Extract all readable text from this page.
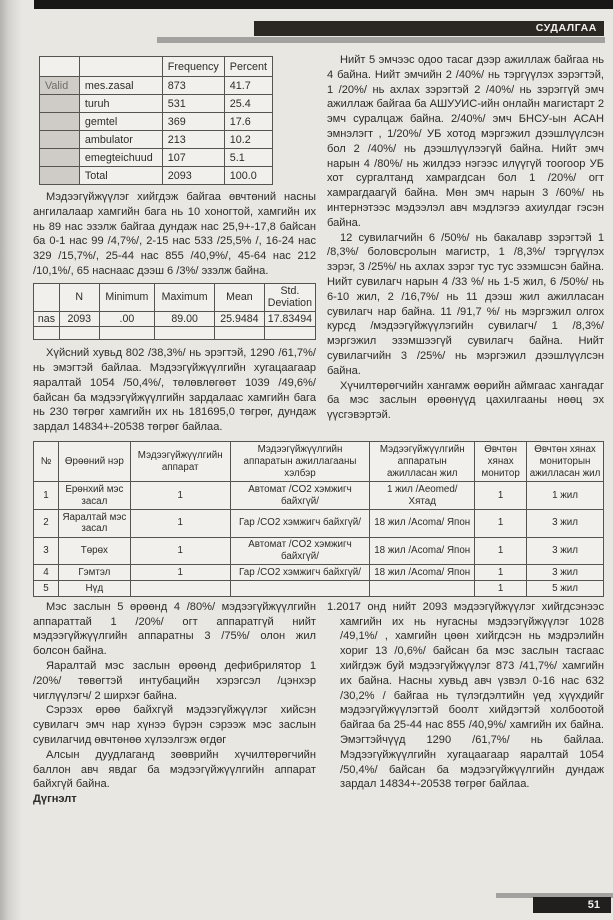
СУДАЛГАА
		Frequency	Percent
Valid	mes.zasal	873	41.7
	turuh	531	25.4
	gemtel	369	17.6
	ambulator	213	10.2
	emegteichuud	107	5.1
	Total	2093	100.0

Мэдээгүйжүүлэг хийгдэж байгаа өвчтөний насны ангилалаар хамгийн бага нь 10 хоногтой, хамгийн их нь 89 нас эзэлж байгаа дундаж нас 25,9+-17,8 байсан ба 0-1 нас 99 /4,7%/, 2-15 нас 533 /25,5% /, 16-24 нас 329 /15,7%/, 25-44 нас 855 /40,9%/, 45-64 нас 212 /10,1%/, 65 наснаас дээш 6 /3%/ эзэлж байна.

	N	Minimum	Maximum	Mean	Std. Deviation
nas	2093	.00	89.00	25.9484	17.83494

Хүйсний хувьд 802 /38,3%/ нь эрэгтэй, 1290 /61,7%/ нь эмэгтэй байлаа. Мэдээгүйжүүлгийн хугацаагаар яаралтай 1054 /50,4%/, төлөвлөгөөт 1039 /49,6%/ байсан ба мэдээгүйжүүлгийн зардалаас хамгийн бага нь 230 төгрөг хамгийн их нь 181695,0 төгрөг, дундаж зардал 14834+-20538 төгрөг байлаа.

Нийт 5 эмчээс одоо тасаг дээр ажиллаж байгаа нь 4 байна. Нийт эмчийн 2 /40%/ нь тэргүүлэх зэрэгтэй, 1 /20%/ нь ахлах зэрэгтэй 2 /40%/ нь зэрэггүй эмч ажиллаж байгаа ба АШУУИС-ийн онлайн магистарт 2 эмч суралцаж байна. 2/40%/ эмч БНСУ-ын АСАН эмнэлэгт , 1/20%/ УБ хотод мэргэжил дээшлүүлсэн бол 2 /40%/ нь дээшлүүлээгүй байна. Нийт эмч нарын 4 /80%/ нь жилдээ нэгээс илүүгүй тоогоор УБ хот сургалтанд хамрагдсан бол 1 /20%/ огт хамрагдаагүй байна. Мөн эмч нарын 3 /60%/ нь интернэтээс мэдээлэл авч мэдлэгээ ахиулдаг гэсэн байна.

12 сувилагчийн 6 /50%/ нь бакалавр зэрэгтэй 1 /8,3%/ боловсролын магистр, 1 /8,3%/ тэргүүлэх зэрэг, 3 /25%/ нь ахлах зэрэг тус тус эзэмшсэн байна. Нийт сувилагч нарын 4 /33 %/ нь 1-5 жил, 6 /50%/ нь 6-10 жил, 2 /16,7%/ нь 11 дээш жил ажилласан сувилагч нар байна. 11 /91,7 %/ нь мэргэжил олгох курсд /мэдээгүйжүүлэгийн сувилагч/ 1 /8,3%/ мэргэжил эзэмшээгүй сувилагч байна. Нийт сувилагчийн 3 /25%/ нь мэргэжил дээшлүүлсэн байна.

Хүчилтөрөгчийн хангамж өөрийн аймгаас хангадаг ба мэс заслын өрөөнүүд цахилгааны нөөц эх үүсгэвэртэй.

№	Өрөөний нэр	Мэдээгүйжүүлгийн аппарат	Мэдээгүйжүүлгийн аппаратын ажиллагааны хэлбэр	Мэдээгүйжүүлгийн аппаратын ажилласан жил	Өвчтөн хянах монитор	Өвчтөн хянах мониторын ажилласан жил
1	Ерөнхий мэс засал	1	Автомат /CO2 хэмжигч байхгүй/	1 жил /Aeomed/ Хятад	1	1 жил
2	Яаралтай мэс засал	1	Гар /CO2 хэмжигч байхгүй/	18 жил /Acoma/ Япон	1	3 жил
3	Төрөх	1	Автомат /CO2 хэмжигч байхгүй/	18 жил /Acoma/ Япон	1	3 жил
4	Гэмтэл	1	Гар /CO2 хэмжигч байхгүй/	18 жил /Acoma/ Япон	1	3 жил
5	Нүд				1	5 жил

Мэс заслын 5 өрөөнд 4 /80%/ мэдээгүйжүүлгийн аппараттай 1 /20%/ огт аппаратгүй нийт мэдээгүйжүүлгийн аппаратны 3 /75%/ олон жил болсон байна.

Яаралтай мэс заслын өрөөнд дефибрилятор 1 /20%/ төвөгтэй интубацийн хэрэгсэл /цэнхэр чиглүүлэгч/ 2 ширхэг байна.

Сэрээх өрөө байхгүй мэдээгүйжүүлэг хийсэн сувилагч эмч нар хүнээ бүрэн сэрээж мэс заслын сувилагчид өвчтөнөө хүлээлгэж өгдөг

Алсын дуудлаганд зөөврийн хүчилтөрөгчийн баллон авч явдаг ба мэдээгүйжүүлгийн аппарат байхгүй байна.

Дүгнэлт

1.2017 онд нийт 2093 мэдээгүйжүүлэг хийгдсэнээс хамгийн их нь нугасны мэдээгүйжүүлэг 1028 /49,1%/ , хамгийн цөөн хийгдсэн нь мэдрэлийн хориг 13 /0,6%/ байсан ба мэс заслын тасгаас хийгдэж буй мэдээгүйжүүлэг 873 /41,7%/ хамгийн их байна. Насны хувьд авч үзвэл 0-16 нас 632 /30,2% / байгаа нь түлэгдэлтийн үед хүүхдийг мэдээгүйжүүлэгтэй боолт хийдэгтэй холбоотой байгаа ба 25-44 нас 855 /40,9%/ хамгийн их байна. Эмэгтэйчүүд 1290 /61,7%/ нь байлаа. Мэдээгүйжүүлгийн хугацаагаар яаралтай 1054 /50,4%/ байсан ба мэдээгүйжүүлгийн дундаж зардал 14834+-20538 төгрөг байлаа.

51
